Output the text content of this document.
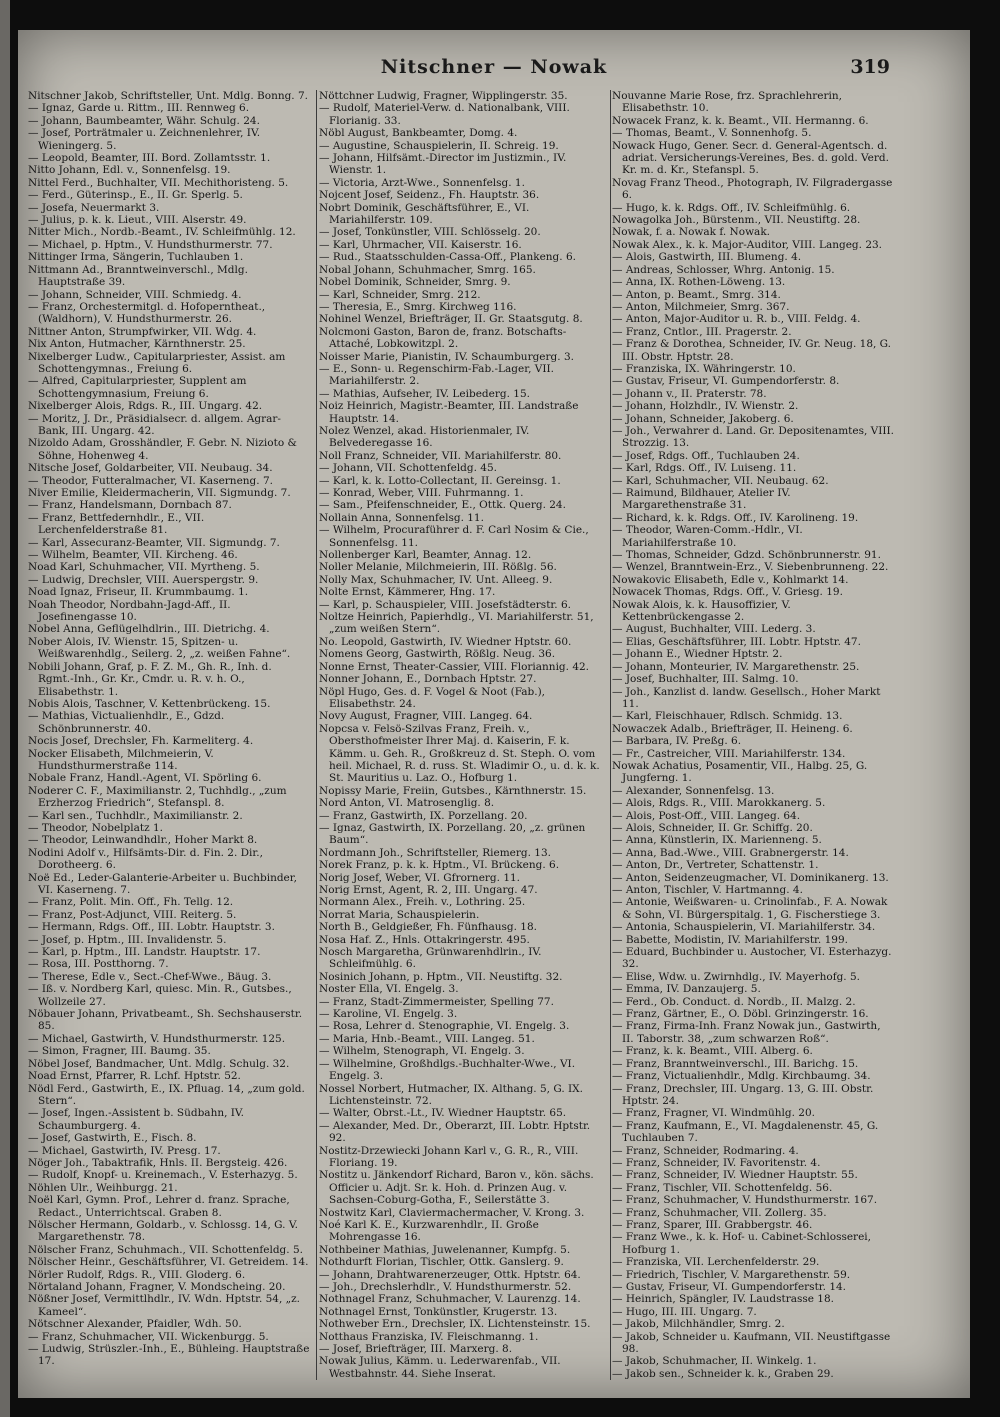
Nitschner — Nowak	319

Nitschner Jakob, Schriftsteller, Unt. Mdlg. Bonng. 7.

— Ignaz, Garde u. Rittm., III. Rennweg 6.

— Johann, Baumbeamter, Währ. Schulg. 24.

— Josef, Porträtmaler u. Zeichnenlehrer, IV. Wieningerg. 5.

— Leopold, Beamter, III. Bord. Zollamtsstr. 1.

Nitto Johann, Edl. v., Sonnenfelsg. 19.

Nittel Ferd., Buchhalter, VII. Mechithoristeng. 5.

— Ferd., Güterinsp., E., II. Gr. Sperlg. 5.

— Josefa, Neuermarkt 3.

— Julius, p. k. k. Lieut., VIII. Alserstr. 49.

Nitter Mich., Nordb.-Beamt., IV. Schleifmühlg. 12.

— Michael, p. Hptm., V. Hundsthurmerstr. 77.

Nittinger Irma, Sängerin, Tuchlauben 1.

Nittmann Ad., Branntweinverschl., Mdlg. Hauptstraße 39.

— Johann, Schneider, VIII. Schmiedg. 4.

— Franz, Orchestermitgl. d. Hofoperntheat., (Waldhorn), V. Hundsthurmerstr. 26.

Nittner Anton, Strumpfwirker, VII. Wdg. 4.

Nix Anton, Hutmacher, Kärnthnerstr. 25.

Nixelberger Ludw., Capitularpriester, Assist. am Schottengymnas., Freiung 6.

— Alfred, Capitularpriester, Supplent am Schottengymnasium, Freiung 6.

Nixelberger Alois, Rdgs. R., III. Ungarg. 42.

— Moritz, J. Dr., Präsidialsecr. d. allgem. Agrar-Bank, III. Ungarg. 42.

Nizoldo Adam, Grosshändler, F. Gebr. N. Nizioto & Söhne, Hohenweg 4.

Nitsche Josef, Goldarbeiter, VII. Neubaug. 34.

— Theodor, Futteralmacher, VI. Kaserneng. 7.

Niver Emilie, Kleidermacherin, VII. Sigmundg. 7.

— Franz, Handelsmann, Dornbach 87.

— Franz, Bettfedernhdlr., E., VII. Lerchenfelderstraße 81.

— Karl, Assecuranz-Beamter, VII. Sigmundg. 7.

— Wilhelm, Beamter, VII. Kircheng. 46.

Noad Karl, Schuhmacher, VII. Myrtheng. 5.

— Ludwig, Drechsler, VIII. Auerspergstr. 9.

Noad Ignaz, Friseur, II. Krummbaumg. 1.

Noah Theodor, Nordbahn-Jagd-Aff., II. Josefinengasse 10.

Nobel Anna, Geflügelhdlrin., III. Dietrichg. 4.

Nober Alois, IV. Wienstr. 15, Spitzen- u. Weißwarenhdlg., Seilerg. 2, „z. weißen Fahne“.

Nobili Johann, Graf, p. F. Z. M., Gh. R., Inh. d. Rgmt.-Inh., Gr. Kr., Cmdr. u. R. v. h. O., Elisabethstr. 1.

Nobis Alois, Taschner, V. Kettenbrückeng. 15.

— Mathias, Victualienhdlr., E., Gdzd. Schönbrunnerstr. 40.

Nocis Josef, Drechsler, Fh. Karmeliterg. 4.

Nocker Elisabeth, Milchmeierin, V. Hundsthurmerstraße 114.

Nobale Franz, Handl.-Agent, VI. Spörling 6.

Noderer C. F., Maximilianstr. 2, Tuchhdlg., „zum Erzherzog Friedrich“, Stefanspl. 8.

— Karl sen., Tuchhdlr., Maximilianstr. 2.

— Theodor, Nobelplatz 1.

— Theodor, Leinwandhdlr., Hoher Markt 8.

Nodini Adolf v., Hilfsämts-Dir. d. Fin. 2. Dir., Dorotheerg. 6.

Noë Ed., Leder-Galanterie-Arbeiter u. Buchbinder, VI. Kaserneng. 7.

— Franz, Polit. Min. Off., Fh. Tellg. 12.

— Franz, Post-Adjunct, VIII. Reiterg. 5.

— Hermann, Rdgs. Off., III. Lobtr. Hauptstr. 3.

— Josef, p. Hptm., III. Invalidenstr. 5.

— Karl, p. Hptm., III. Landstr. Hauptstr. 17.

— Rosa, III. Postthorng. 7.

— Therese, Edle v., Sect.-Chef-Wwe., Bäug. 3.

— Iß. v. Nordberg Karl, quiesc. Min. R., Gutsbes., Wollzeile 27.

Nöbauer Johann, Privatbeamt., Sh. Sechshauserstr. 85.

— Michael, Gastwirth, V. Hundsthurmerstr. 125.

— Simon, Fragner, III. Baumg. 35.

Nöbel Josef, Bandmacher, Unt. Mdlg. Schulg. 32.

Noad Ernst, Pfarrer, R. Lchf. Hptstr. 52.

Nödl Ferd., Gastwirth, E., IX. Pfluag. 14, „zum gold. Stern“.

— Josef, Ingen.-Assistent b. Südbahn, IV. Schaumburgerg. 4.

— Josef, Gastwirth, E., Fisch. 8.

— Michael, Gastwirth, IV. Presg. 17.

Nöger Joh., Tabaktrafik, Hnls. II. Bergsteig. 426.

— Rudolf, Knopf- u. Kreinemach., V. Esterhazyg. 5.

Nöhlen Ulr., Weihburgg. 21.

Noël Karl, Gymn. Prof., Lehrer d. franz. Sprache, Redact., Unterrichtscal. Graben 8.

Nölscher Hermann, Goldarb., v. Schlossg. 14, G. V. Margarethenstr. 78.

Nölscher Franz, Schuhmach., VII. Schottenfeldg. 5.

Nölscher Heinr., Geschäftsführer, VI. Getreidem. 14.

Nörler Rudolf, Rdgs. R., VIII. Gloderg. 6.

Nörtaland Johann, Fragner, V. Mondscheing. 20.

Nößner Josef, Vermittlhdlr., IV. Wdn. Hptstr. 54, „z. Kameel“.

Nötschner Alexander, Pfaidler, Wdh. 50.

— Franz, Schuhmacher, VII. Wickenburgg. 5.

— Ludwig, Strüszler.-Inh., E., Bühleing. Hauptstraße 17.

Nöttchner Ludwig, Fragner, Wipplingerstr. 35.

— Rudolf, Materiel-Verw. d. Nationalbank, VIII. Florianig. 33.

Nöbl August, Bankbeamter, Domg. 4.

— Augustine, Schauspielerin, II. Schreig. 19.

— Johann, Hilfsämt.-Director im Justizmin., IV. Wienstr. 1.

— Victoria, Arzt-Wwe., Sonnenfelsg. 1.

Nojcent Josef, Seidenz., Fh. Hauptstr. 36.

Nobrt Dominik, Geschäftsführer, E., VI. Mariahilferstr. 109.

— Josef, Tonkünstler, VIII. Schlösselg. 20.

— Karl, Uhrmacher, VII. Kaiserstr. 16.

— Rud., Staatsschulden-Cassa-Off., Plankeng. 6.

Nobal Johann, Schuhmacher, Smrg. 165.

Nobel Dominik, Schneider, Smrg. 9.

— Karl, Schneider, Smrg. 212.

— Theresia, E., Smrg. Kirchweg 116.

Nohinel Wenzel, Briefträger, II. Gr. Staatsgutg. 8.

Nolcmoni Gaston, Baron de, franz. Botschafts-Attaché, Lobkowitzpl. 2.

Noisser Marie, Pianistin, IV. Schaumburgerg. 3.

— E., Sonn- u. Regenschirm-Fab.-Lager, VII. Mariahilferstr. 2.

— Mathias, Aufseher, IV. Leibederg. 15.

Noiz Heinrich, Magistr.-Beamter, III. Landstraße Hauptstr. 14.

Nolez Wenzel, akad. Historienmaler, IV. Belvederegasse 16.

Noll Franz, Schneider, VII. Mariahilferstr. 80.

— Johann, VII. Schottenfeldg. 45.

— Karl, k. k. Lotto-Collectant, II. Gereinsg. 1.

— Konrad, Weber, VIII. Fuhrmanng. 1.

— Sam., Pfeifenschneider, E., Ottk. Querg. 24.

Nollain Anna, Sonnenfelsg. 11.

— Wilhelm, Procuraführer d. F. Carl Nosim & Cie., Sonnenfelsg. 11.

Nollenberger Karl, Beamter, Annag. 12.

Noller Melanie, Milchmeierin, III. Rößlg. 56.

Nolly Max, Schuhmacher, IV. Unt. Alleeg. 9.

Nolte Ernst, Kämmerer, Hng. 17.

— Karl, p. Schauspieler, VIII. Josefstädterstr. 6.

Noltze Heinrich, Papierhdlg., VI. Mariahilferstr. 51, „zum weißen Stern“.

No. Leopold, Gastwirth, IV. Wiedner Hptstr. 60.

Nomens Georg, Gastwirth, Rößlg. Neug. 36.

Nonne Ernst, Theater-Cassier, VIII. Floriannig. 42.

Nonner Johann, E., Dornbach Hptstr. 27.

Nöpl Hugo, Ges. d. F. Vogel & Noot (Fab.), Elisabethstr. 24.

Novy August, Fragner, VIII. Langeg. 64.

Nopcsa v. Felsö-Szilvas Franz, Freih. v., Obersthofmeister Ihrer Maj. d. Kaiserin, F. k. Kämm. u. Geh. R., Großkreuz d. St. Steph. O. vom heil. Michael, R. d. russ. St. Wladimir O., u. d. k. k. St. Mauritius u. Laz. O., Hofburg 1.

Nopissy Marie, Freiin, Gutsbes., Kärnthnerstr. 15.

Nord Anton, VI. Matrosenglig. 8.

— Franz, Gastwirth, IX. Porzellang. 20.

— Ignaz, Gastwirth, IX. Porzellang. 20, „z. grünen Baum“.

Nordmann Joh., Schriftsteller, Riemerg. 13.

Norek Franz, p. k. k. Hptm., VI. Brückeng. 6.

Norig Josef, Weber, VI. Gfrornerg. 11.

Norig Ernst, Agent, R. 2, III. Ungarg. 47.

Normann Alex., Freih. v., Lothring. 25.

Norrat Maria, Schauspielerin.

North B., Geldgießer, Fh. Fünfhausg. 18.

Nosa Haf. Z., Hnls. Ottakringerstr. 495.

Nosch Margaretha, Grünwarenhdlrin., IV. Schleifmühlg. 6.

Nosinich Johann, p. Hptm., VII. Neustiftg. 32.

Noster Ella, VI. Engelg. 3.

— Franz, Stadt-Zimmermeister, Spelling 77.

— Karoline, VI. Engelg. 3.

— Rosa, Lehrer d. Stenographie, VI. Engelg. 3.

— Maria, Hnb.-Beamt., VIII. Langeg. 51.

— Wilhelm, Stenograph, VI. Engelg. 3.

— Wilhelmine, Großhdlgs.-Buchhalter-Wwe., VI. Engelg. 3.

Nossel Norbert, Hutmacher, IX. Althang. 5, G. IX. Lichtensteinstr. 72.

— Walter, Obrst.-Lt., IV. Wiedner Hauptstr. 65.

— Alexander, Med. Dr., Oberarzt, III. Lobtr. Hptstr. 92.

Nostitz-Drzewiecki Johann Karl v., G. R., R., VIII. Floriang. 19.

Nostitz u. Jänkendorf Richard, Baron v., kön. sächs. Officier u. Adjt. Sr. k. Hoh. d. Prinzen Aug. v. Sachsen-Coburg-Gotha, F., Seilerstätte 3.

Nostwitz Karl, Claviermachermacher, V. Krong. 3.

Noé Karl K. E., Kurzwarenhdlr., II. Große Mohrengasse 16.

Nothbeiner Mathias, Juwelenanner, Kumpfg. 5.

Nothdurft Florian, Tischler, Ottk. Ganslerg. 9.

— Johann, Drahtwarenerzeuger, Ottk. Hptstr. 64.

— Joh., Drechslerhdlr., V. Hundsthurmerstr. 52.

Nothnagel Franz, Schuhmacher, V. Laurenzg. 14.

Nothnagel Ernst, Tonkünstler, Krugerstr. 13.

Nothweber Ern., Drechsler, IX. Lichtensteinstr. 15.

Notthaus Franziska, IV. Fleischmanng. 1.

— Josef, Briefträger, III. Marxerg. 8.

Nowak Julius, Kämm. u. Lederwarenfab., VII. Westbahnstr. 44. Siehe Inserat.

Nouvanne Marie Rose, frz. Sprachlehrerin, Elisabethstr. 10.

Nowacek Franz, k. k. Beamt., VII. Hermanng. 6.

— Thomas, Beamt., V. Sonnenhofg. 5.

Nowack Hugo, Gener. Secr. d. General-Agentsch. d. adriat. Versicherungs-Vereines, Bes. d. gold. Verd. Kr. m. d. Kr., Stefanspl. 5.

Novag Franz Theod., Photograph, IV. Filgradergasse 6.

— Hugo, k. k. Rdgs. Off., IV. Schleifmühlg. 6.

Nowagolka Joh., Bürstenm., VII. Neustiftg. 28.

Nowak, f. a. Nowak f. Nowak.

Nowak Alex., k. k. Major-Auditor, VIII. Langeg. 23.

— Alois, Gastwirth, III. Blumeng. 4.

— Andreas, Schlosser, Whrg. Antonig. 15.

— Anna, IX. Rothen-Löweng. 13.

— Anton, p. Beamt., Smrg. 314.

— Anton, Milchmeier, Smrg. 367.

— Anton, Major-Auditor u. R. b., VIII. Feldg. 4.

— Franz, Cntlor., III. Pragerstr. 2.

— Franz & Dorothea, Schneider, IV. Gr. Neug. 18, G. III. Obstr. Hptstr. 28.

— Franziska, IX. Währingerstr. 10.

— Gustav, Friseur, VI. Gumpendorferstr. 8.

— Johann v., II. Praterstr. 78.

— Johann, Holzhdlr., IV. Wienstr. 2.

— Johann, Schneider, Jakoberg. 6.

— Joh., Verwahrer d. Land. Gr. Depositenamtes, VIII. Strozzig. 13.

— Josef, Rdgs. Off., Tuchlauben 24.

— Karl, Rdgs. Off., IV. Luiseng. 11.

— Karl, Schuhmacher, VII. Neubaug. 62.

— Raimund, Bildhauer, Atelier IV. Margarethenstraße 31.

— Richard, k. k. Rdgs. Off., IV. Karolineng. 19.

— Theodor, Waren-Comm.-Hdlr., VI. Mariahilferstraße 10.

— Thomas, Schneider, Gdzd. Schönbrunnerstr. 91.

— Wenzel, Branntwein-Erz., V. Siebenbrunneng. 22.

Nowakovic Elisabeth, Edle v., Kohlmarkt 14.

Nowacek Thomas, Rdgs. Off., V. Griesg. 19.

Nowak Alois, k. k. Hausoffizier, V. Kettenbrückengasse 2.

— August, Buchhalter, VIII. Lederg. 3.

— Elias, Geschäftsführer, III. Lobtr. Hptstr. 47.

— Johann E., Wiedner Hptstr. 2.

— Johann, Monteurier, IV. Margarethenstr. 25.

— Josef, Buchhalter, III. Salmg. 10.

— Joh., Kanzlist d. landw. Gesellsch., Hoher Markt 11.

— Karl, Fleischhauer, Rdlsch. Schmidg. 13.

Nowaczek Adalb., Briefträger, II. Heineng. 6.

— Barbara, IV. Preßg. 6.

— Fr., Castreicher, VIII. Mariahilferstr. 134.

Nowak Achatius, Posamentir, VII., Halbg. 25, G. Jungferng. 1.

— Alexander, Sonnenfelsg. 13.

— Alois, Rdgs. R., VIII. Marokkanerg. 5.

— Alois, Post-Off., VIII. Langeg. 64.

— Alois, Schneider, II. Gr. Schiffg. 20.

— Anna, Künstlerin, IX. Marienneng. 5.

— Anna, Bad.-Wwe., VIII. Grabnergerstr. 14.

— Anton, Dr., Vertreter, Schattenstr. 1.

— Anton, Seidenzeugmacher, VI. Dominikanerg. 13.

— Anton, Tischler, V. Hartmanng. 4.

— Antonie, Weißwaren- u. Crinolinfab., F. A. Nowak & Sohn, VI. Bürgerspitalg. 1, G. Fischerstiege 3.

— Antonia, Schauspielerin, VI. Mariahilferstr. 34.

— Babette, Modistin, IV. Mariahilferstr. 199.

— Eduard, Buchbinder u. Austocher, VI. Esterhazyg. 32.

— Elise, Wdw. u. Zwirnhdlg., IV. Mayerhofg. 5.

— Emma, IV. Danzaujerg. 5.

— Ferd., Ob. Conduct. d. Nordb., II. Malzg. 2.

— Franz, Gärtner, E., O. Döbl. Grinzingerstr. 16.

— Franz, Firma-Inh. Franz Nowak jun., Gastwirth, II. Taborstr. 38, „zum schwarzen Roß“.

— Franz, k. k. Beamt., VIII. Alberg. 6.

— Franz, Branntweinverschl., III. Barichg. 15.

— Franz, Victualienhdlr., Mdlg. Kirchbaumg. 34.

— Franz, Drechsler, III. Ungarg. 13, G. III. Obstr. Hptstr. 24.

— Franz, Fragner, VI. Windmühlg. 20.

— Franz, Kaufmann, E., VI. Magdalenenstr. 45, G. Tuchlauben 7.

— Franz, Schneider, Rodmaring. 4.

— Franz, Schneider, IV. Favoritenstr. 4.

— Franz, Schneider, IV. Wiedner Hauptstr. 55.

— Franz, Tischler, VII. Schottenfeldg. 56.

— Franz, Schuhmacher, V. Hundsthurmerstr. 167.

— Franz, Schuhmacher, VII. Zollerg. 35.

— Franz, Sparer, III. Grabbergstr. 46.

— Franz Wwe., k. k. Hof- u. Cabinet-Schlosserei, Hofburg 1.

— Franziska, VII. Lerchenfelderstr. 29.

— Friedrich, Tischler, V. Margarethenstr. 59.

— Gustav, Friseur, VI. Gumpendorferstr. 14.

— Heinrich, Spängler, IV. Laudstrasse 18.

— Hugo, III. III. Ungarg. 7.

— Jakob, Milchhändler, Smrg. 2.

— Jakob, Schneider u. Kaufmann, VII. Neustiftgasse 98.

— Jakob, Schuhmacher, II. Winkelg. 1.

— Jakob sen., Schneider k. k., Graben 29.
